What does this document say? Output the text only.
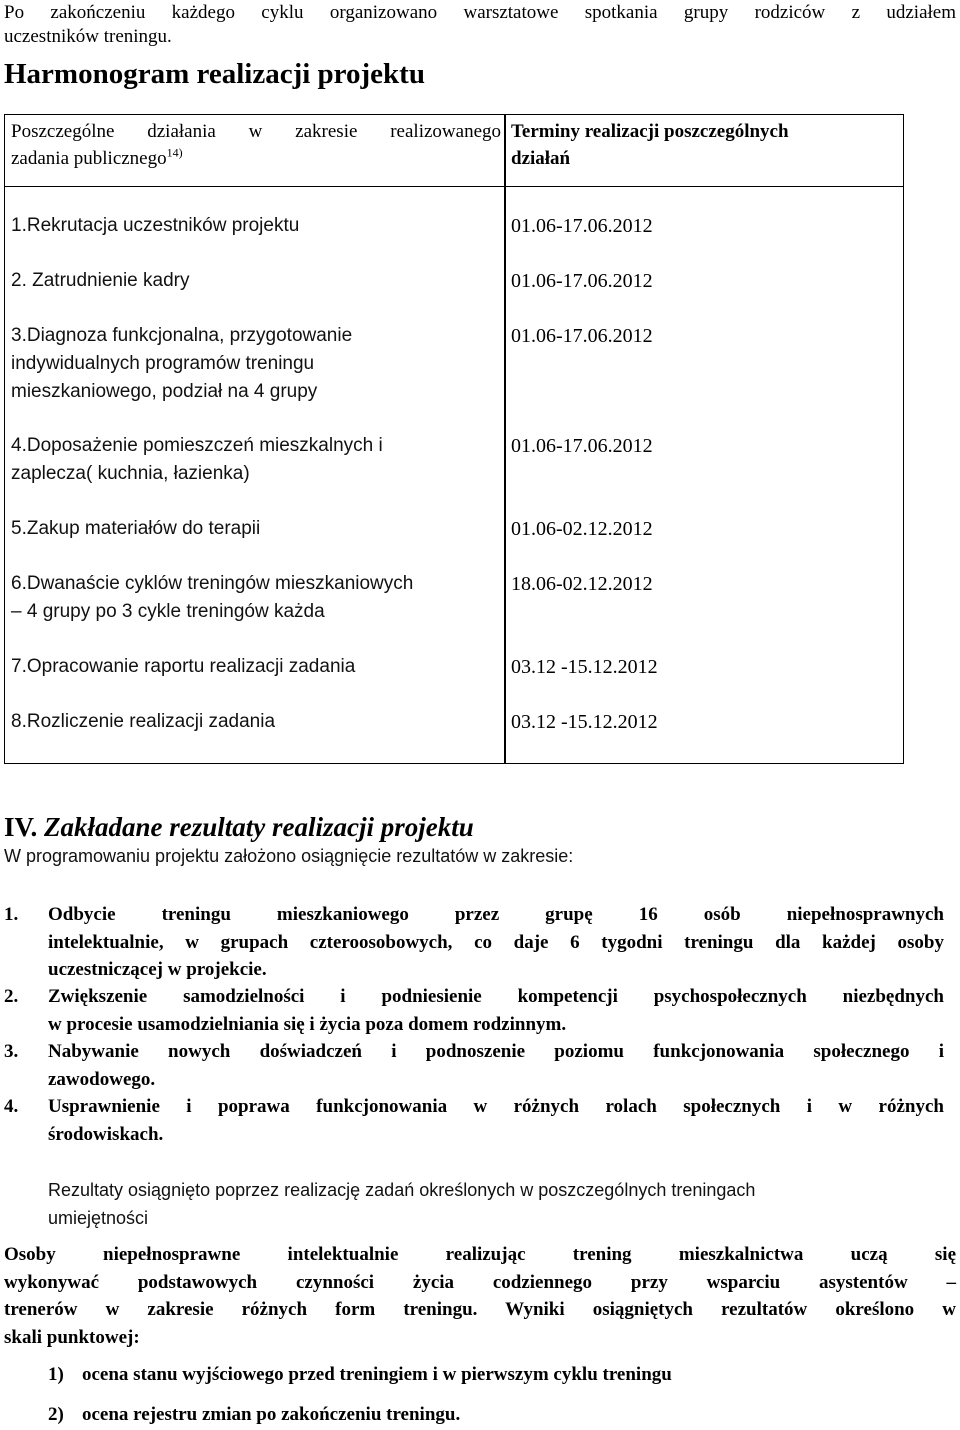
Po zakończeniu każdego cyklu organizowano warsztatowe spotkania grupy rodziców z udziałem
uczestników treningu.
Harmonogram realizacji projektu
Poszczególne działania w zakresie realizowanego
zadania publicznego$^{14)}$
Terminy realizacji poszczególnych
działań
1.Rekrutacja uczestników projektu	01.06-17.06.2012
2. Zatrudnienie kadry	01.06-17.06.2012
3.Diagnoza funkcjonalna, przygotowanie
indywidualnych programów treningu
mieszkaniowego, podział na 4 grupy
01.06-17.06.2012
4.Doposażenie pomieszczeń mieszkalnych i
zaplecza( kuchnia, łazienka)
01.06-17.06.2012
5.Zakup materiałów do terapii	01.06-02.12.2012
6.Dwanaście cyklów treningów mieszkaniowych
– 4 grupy po 3 cykle treningów każda
18.06-02.12.2012
7.Opracowanie raportu realizacji zadania	03.12 -15.12.2012
8.Rozliczenie realizacji zadania	03.12 -15.12.2012
IV. Zakładane rezultaty realizacji projektu
W programowaniu projektu założono osiągnięcie rezultatów w zakresie:
1. Odbycie treningu mieszkaniowego przez grupę 16 osób niepełnosprawnych
intelektualnie, w grupach czteroosobowych, co daje 6 tygodni treningu dla każdej osoby
uczestniczącej w projekcie.
2. Zwiększenie samodzielności i podniesienie kompetencji psychospołecznych niezbędnych
w procesie usamodzielniania się i życia poza domem rodzinnym.
3. Nabywanie nowych doświadczeń i podnoszenie poziomu funkcjonowania społecznego i
zawodowego.
4. Usprawnienie i poprawa funkcjonowania w różnych rolach społecznych i w różnych
środowiskach.
Rezultaty osiągnięto poprzez realizację zadań określonych w poszczególnych treningach
umiejętności
Osoby niepełnosprawne intelektualnie realizując trening mieszkalnictwa uczą się
wykonywać podstawowych czynności życia codziennego przy wsparciu asystentów –
trenerów w zakresie różnych form treningu. Wyniki osiągniętych rezultatów określono w
skali punktowej:
1) ocena stanu wyjściowego przed treningiem i w pierwszym cyklu treningu
2) ocena rejestru zmian po zakończeniu treningu.
